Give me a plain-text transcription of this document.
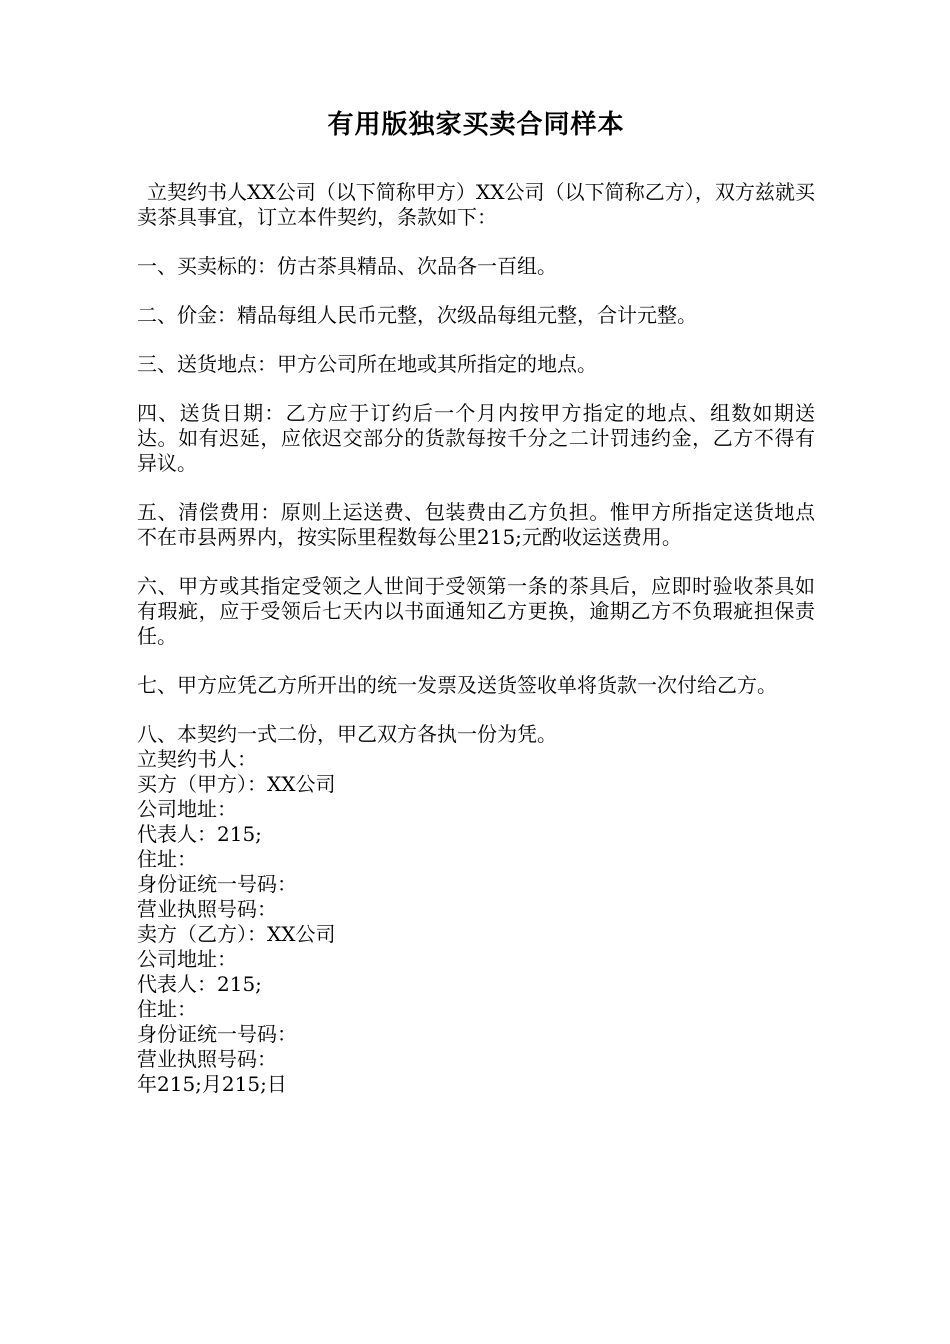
有用版独家买卖合同样本

立契约书人XX公司（以下简称甲方）XX公司（以下简称乙方），双方兹就买卖茶具事宜，订立本件契约，条款如下：

一、买卖标的：仿古茶具精品、次品各一百组。

二、价金：精品每组人民币元整，次级品每组元整，合计元整。

三、送货地点：甲方公司所在地或其所指定的地点。

四、送货日期：乙方应于订约后一个月内按甲方指定的地点、组数如期送达。如有迟延，应依迟交部分的货款每按千分之二计罚违约金，乙方不得有异议。

五、清偿费用：原则上运送费、包装费由乙方负担。惟甲方所指定送货地点不在市县两界内，按实际里程数每公里215;元酌收运送费用。

六、甲方或其指定受领之人世间于受领第一条的茶具后，应即时验收茶具如有瑕疵，应于受领后七天内以书面通知乙方更换，逾期乙方不负瑕疵担保责任。

七、甲方应凭乙方所开出的统一发票及送货签收单将货款一次付给乙方。

八、本契约一式二份，甲乙双方各执一份为凭。

立契约书人：

买方（甲方）：XX公司

公司地址：

代表人：215;

住址：

身份证统一号码：

营业执照号码：

卖方（乙方）：XX公司

公司地址：

代表人：215;

住址：

身份证统一号码：

营业执照号码：

年215;月215;日
